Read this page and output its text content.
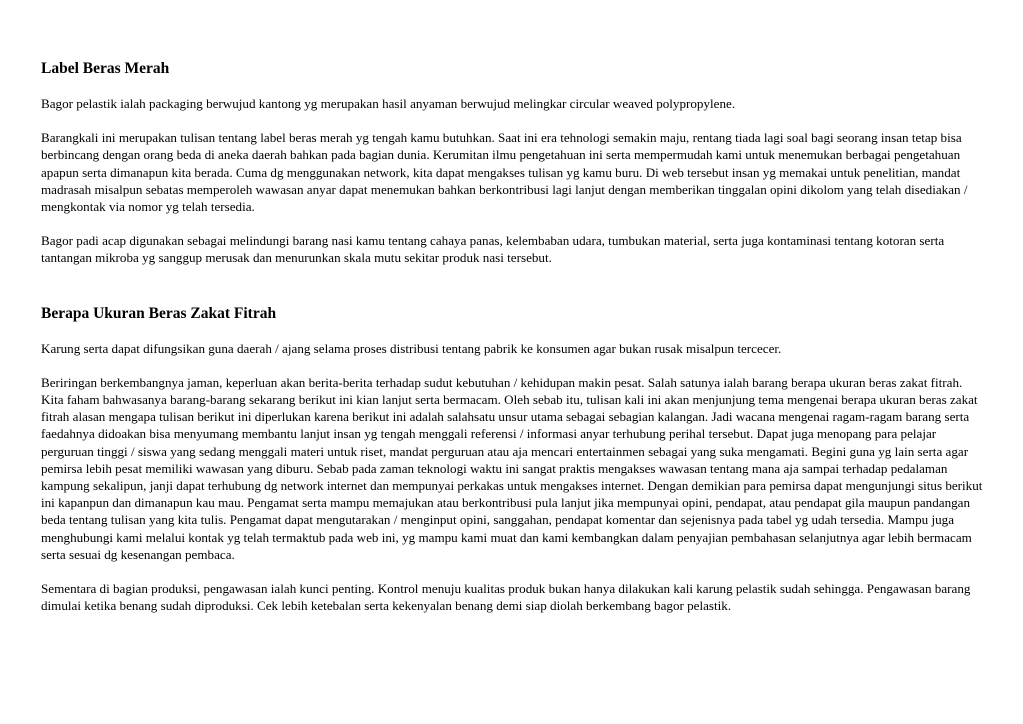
Label Beras Merah

Bagor pelastik ialah packaging berwujud kantong yg merupakan hasil anyaman berwujud melingkar circular weaved polypropylene.

Barangkali ini merupakan tulisan tentang label beras merah yg tengah kamu butuhkan. Saat ini era tehnologi semakin maju, rentang tiada lagi soal bagi seorang insan tetap bisa berbincang dengan orang beda di aneka daerah bahkan pada bagian dunia. Kerumitan ilmu pengetahuan ini serta mempermudah kami untuk menemukan berbagai pengetahuan apapun serta dimanapun kita berada. Cuma dg menggunakan network, kita dapat mengakses tulisan yg kamu buru. Di web tersebut insan yg memakai untuk penelitian, mandat madrasah misalpun sebatas memperoleh wawasan anyar dapat menemukan bahkan berkontribusi lagi lanjut dengan memberikan tinggalan opini dikolom yang telah disediakan / mengkontak via nomor yg telah tersedia.

Bagor padi acap digunakan sebagai melindungi barang nasi kamu tentang cahaya panas, kelembaban udara, tumbukan material, serta juga kontaminasi tentang kotoran serta tantangan mikroba yg sanggup merusak dan menurunkan skala mutu sekitar produk nasi tersebut.

Berapa Ukuran Beras Zakat Fitrah

Karung serta dapat difungsikan guna daerah / ajang selama proses distribusi tentang pabrik ke konsumen agar bukan rusak misalpun tercecer.

Beriringan berkembangnya jaman, keperluan akan berita-berita terhadap sudut kebutuhan / kehidupan makin pesat. Salah satunya ialah barang berapa ukuran beras zakat fitrah. Kita faham bahwasanya barang-barang sekarang berikut ini kian lanjut serta bermacam. Oleh sebab itu, tulisan kali ini akan menjunjung tema mengenai berapa ukuran beras zakat fitrah alasan mengapa tulisan berikut ini diperlukan karena berikut ini adalah salahsatu unsur utama sebagai sebagian kalangan. Jadi wacana mengenai ragam-ragam barang serta faedahnya didoakan bisa menyumang membantu lanjut insan yg tengah menggali referensi / informasi anyar terhubung perihal tersebut. Dapat juga menopang para pelajar perguruan tinggi / siswa yang sedang menggali materi untuk riset, mandat perguruan atau aja mencari entertainmen sebagai yang suka mengamati. Begini guna yg lain serta agar pemirsa lebih pesat memiliki wawasan yang diburu. Sebab pada zaman teknologi waktu ini sangat praktis mengakses wawasan tentang mana aja sampai terhadap pedalaman kampung sekalipun, janji dapat terhubung dg network internet dan mempunyai perkakas untuk mengakses internet. Dengan demikian para pemirsa dapat mengunjungi situs berikut ini kapanpun dan dimanapun kau mau. Pengamat serta mampu memajukan atau berkontribusi pula lanjut jika mempunyai opini, pendapat, atau pendapat gila maupun pandangan beda tentang tulisan yang kita tulis. Pengamat dapat mengutarakan / menginput opini, sanggahan, pendapat komentar dan sejenisnya pada tabel yg udah tersedia. Mampu juga menghubungi kami melalui kontak yg telah termaktub pada web ini, yg mampu kami muat dan kami kembangkan dalam penyajian pembahasan selanjutnya agar lebih bermacam serta sesuai dg kesenangan pembaca.

Sementara di bagian produksi, pengawasan ialah kunci penting. Kontrol menuju kualitas produk bukan hanya dilakukan kali karung pelastik sudah sehingga. Pengawasan barang dimulai ketika benang sudah diproduksi. Cek lebih ketebalan serta kekenyalan benang demi siap diolah berkembang bagor pelastik.
